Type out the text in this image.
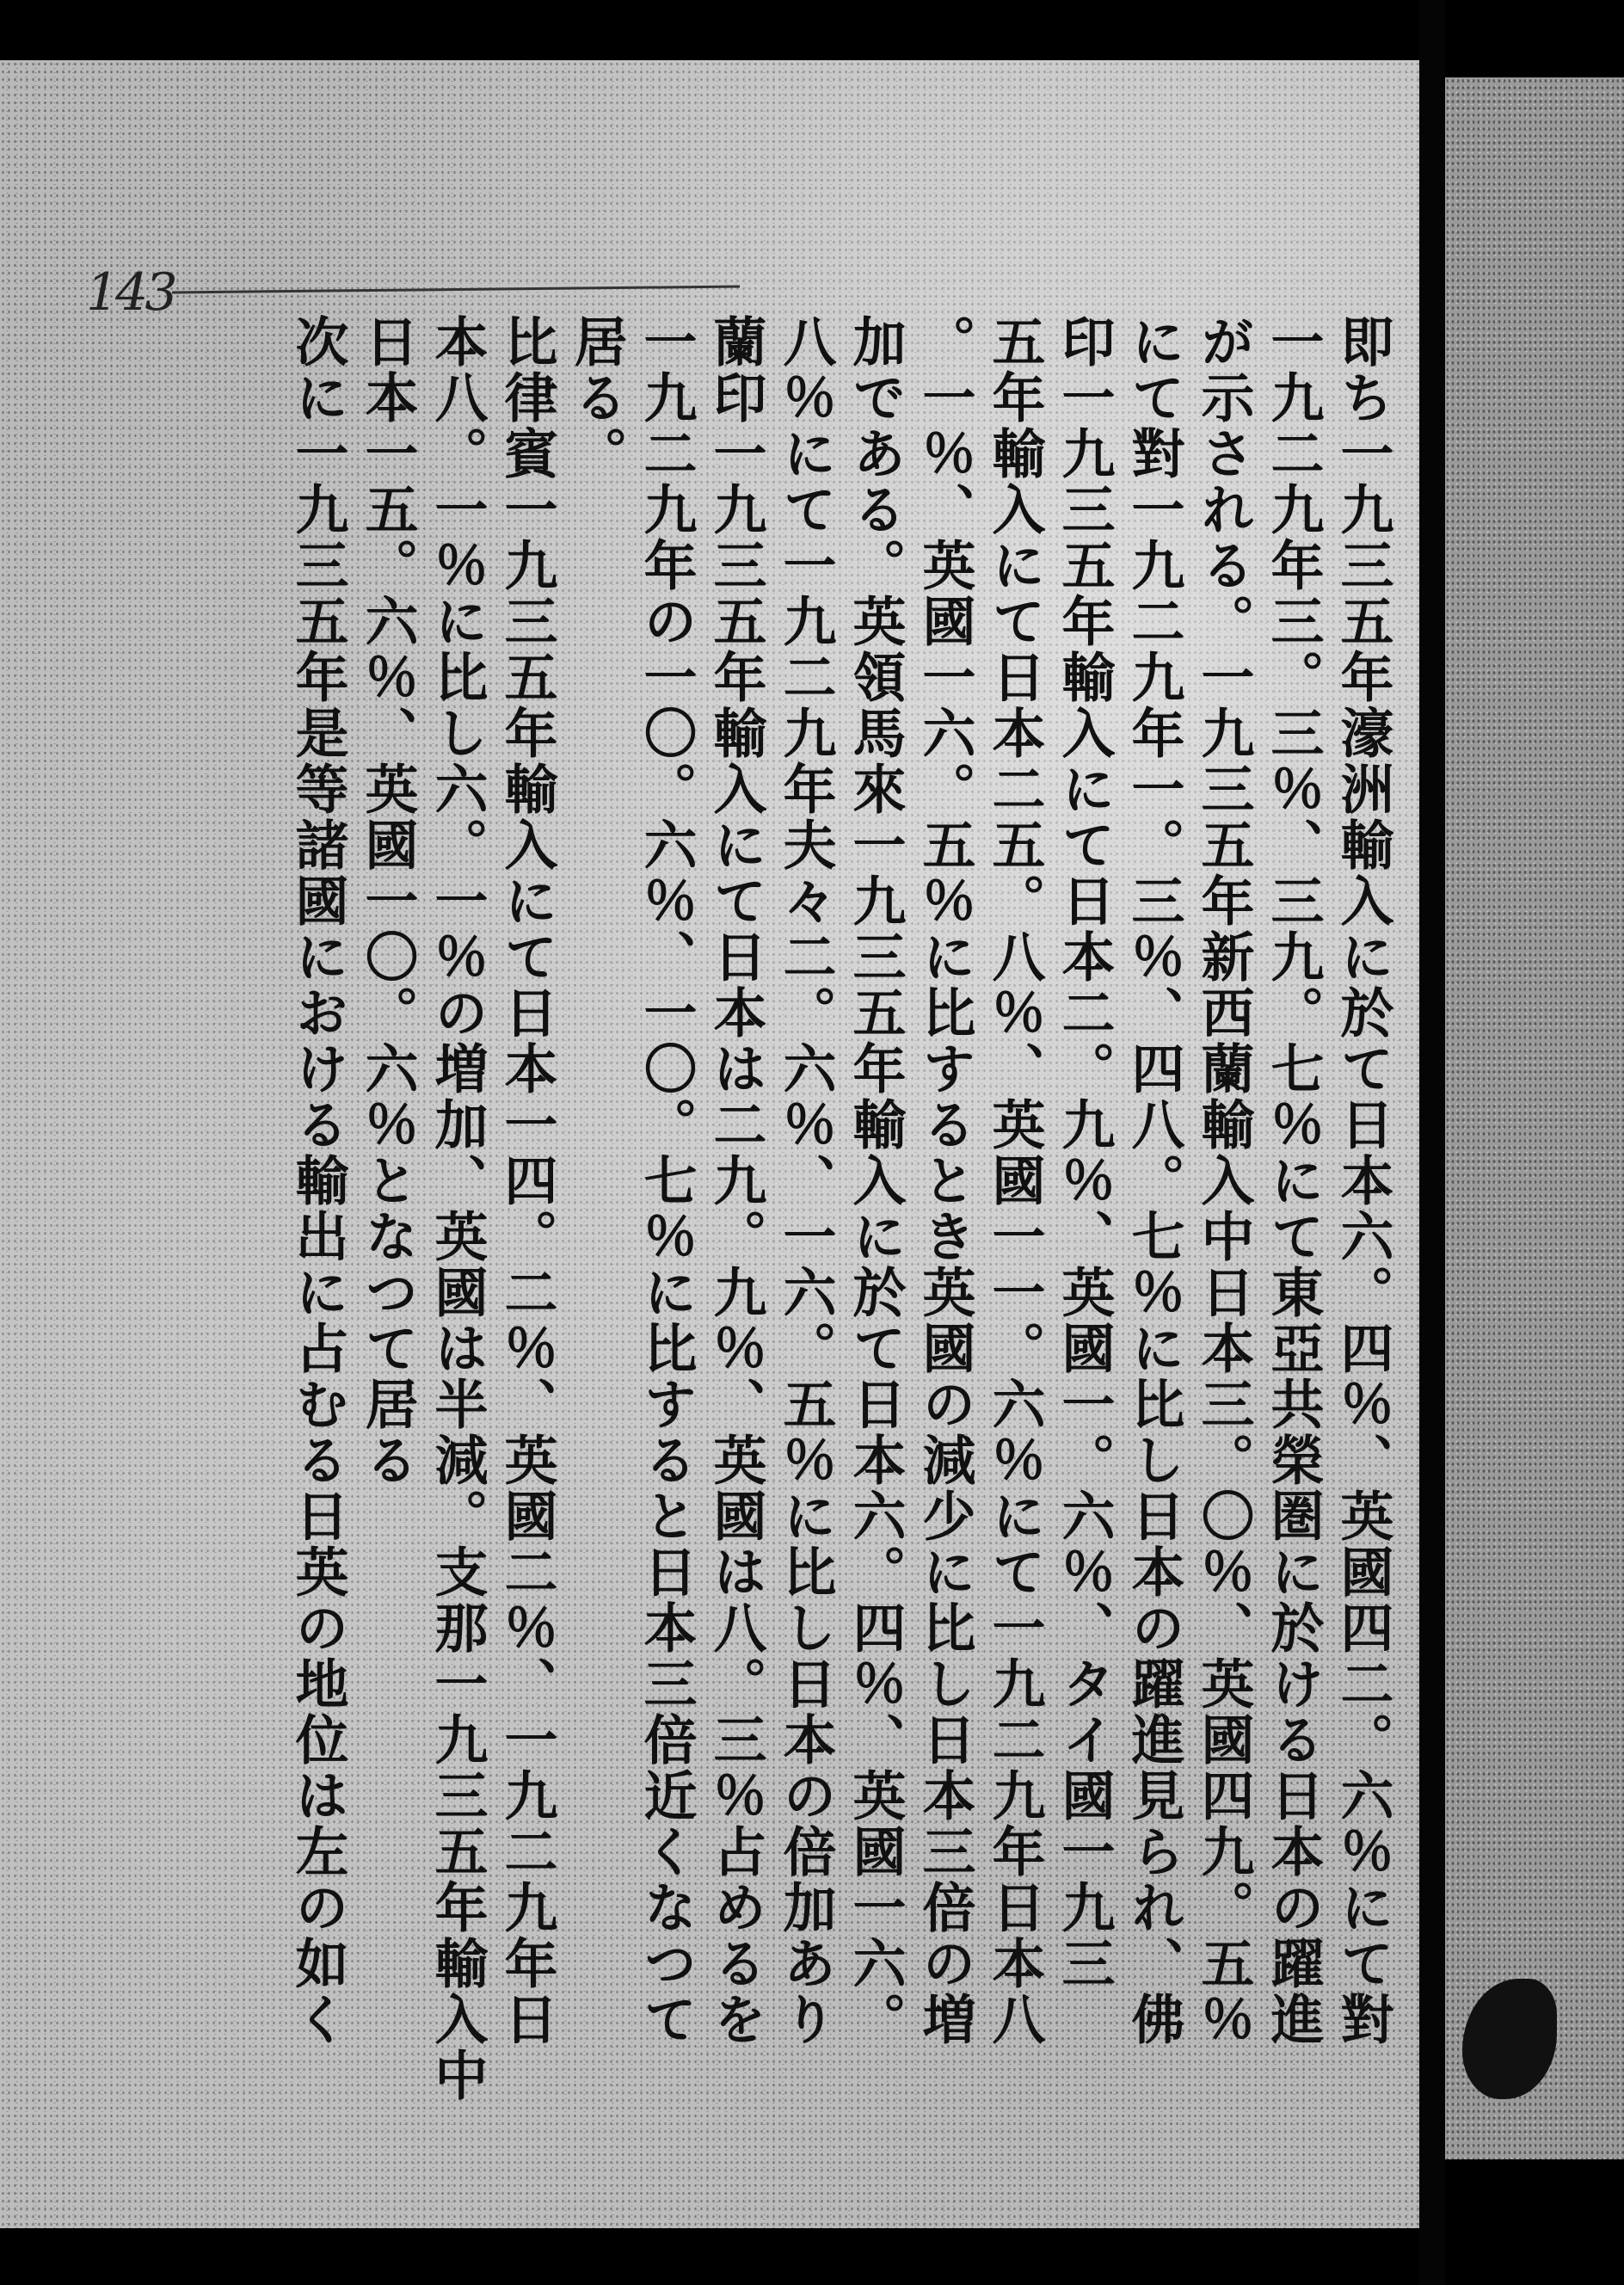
143
即ち一九三五年濠洲輸入に於て日本六。四％、英國四二。六％にて對
一九二九年三。三％、三九。七％にて東亞共榮圏に於ける日本の躍進
が示される。一九三五年新西蘭輸入中日本三。〇％、英國四九。五％
にて對一九二九年一。三％、四八。七％に比し日本の躍進見られ、佛
印一九三五年輸入にて日本二。九％、英國一。六％、タイ國一九三
五年輸入にて日本二五。八％、英國一一。六％にて一九二九年日本八
。一％、英國一六。五％に比するとき英國の減少に比し日本三倍の増
加である。英領馬來一九三五年輸入に於て日本六。四％、英國一六。
八％にて一九二九年夫々二。六％、一六。五％に比し日本の倍加あり
蘭印一九三五年輸入にて日本は二九。九％、英國は八。三％占めるを
一九二九年の一〇。六％、一〇。七％に比すると日本三倍近くなつて
居る。
比律賓一九三五年輸入にて日本一四。二％、英國二％、一九二九年日
本八。一％に比し六。一％の増加、英國は半減。支那一九三五年輸入中
日本一五。六％、英國一〇。六％となつて居る
次に一九三五年是等諸國における輸出に占むる日英の地位は左の如く
